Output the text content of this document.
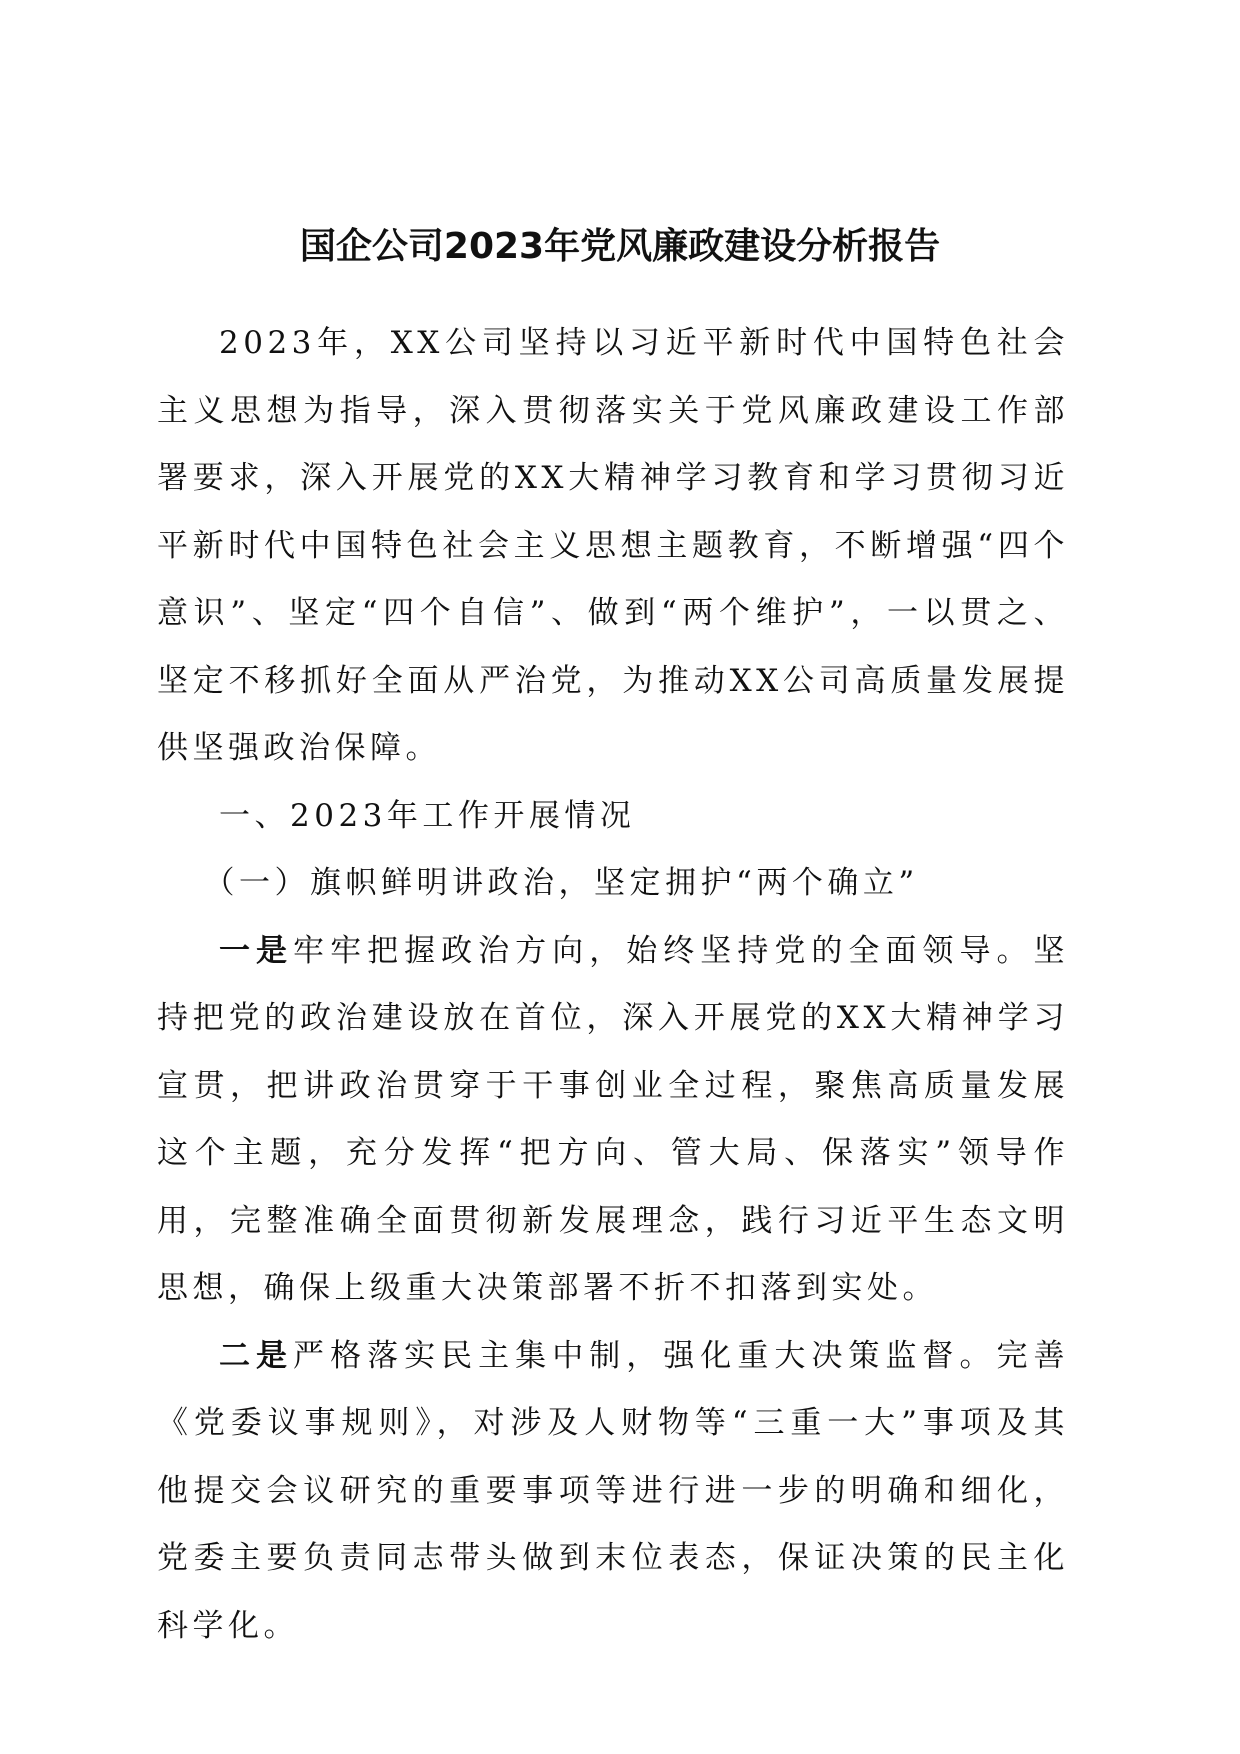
国企公司2023年党风廉政建设分析报告

2023年，XX公司坚持以习近平新时代中国特色社会主义思想为指导，深入贯彻落实关于党风廉政建设工作部署要求，深入开展党的XX大精神学习教育和学习贯彻习近平新时代中国特色社会主义思想主题教育，不断增强“四个意识”、坚定“四个自信”、做到“两个维护”，一以贯之、坚定不移抓好全面从严治党，为推动XX公司高质量发展提供坚强政治保障。

一、2023年工作开展情况

（一）旗帜鲜明讲政治，坚定拥护“两个确立”

一是牢牢把握政治方向，始终坚持党的全面领导。坚持把党的政治建设放在首位，深入开展党的XX大精神学习宣贯，把讲政治贯穿于干事创业全过程，聚焦高质量发展这个主题，充分发挥“把方向、管大局、保落实”领导作用，完整准确全面贯彻新发展理念，践行习近平生态文明思想，确保上级重大决策部署不折不扣落到实处。

二是严格落实民主集中制，强化重大决策监督。完善《党委议事规则》，对涉及人财物等“三重一大”事项及其他提交会议研究的重要事项等进行进一步的明确和细化，党委主要负责同志带头做到末位表态，保证决策的民主化科学化。
